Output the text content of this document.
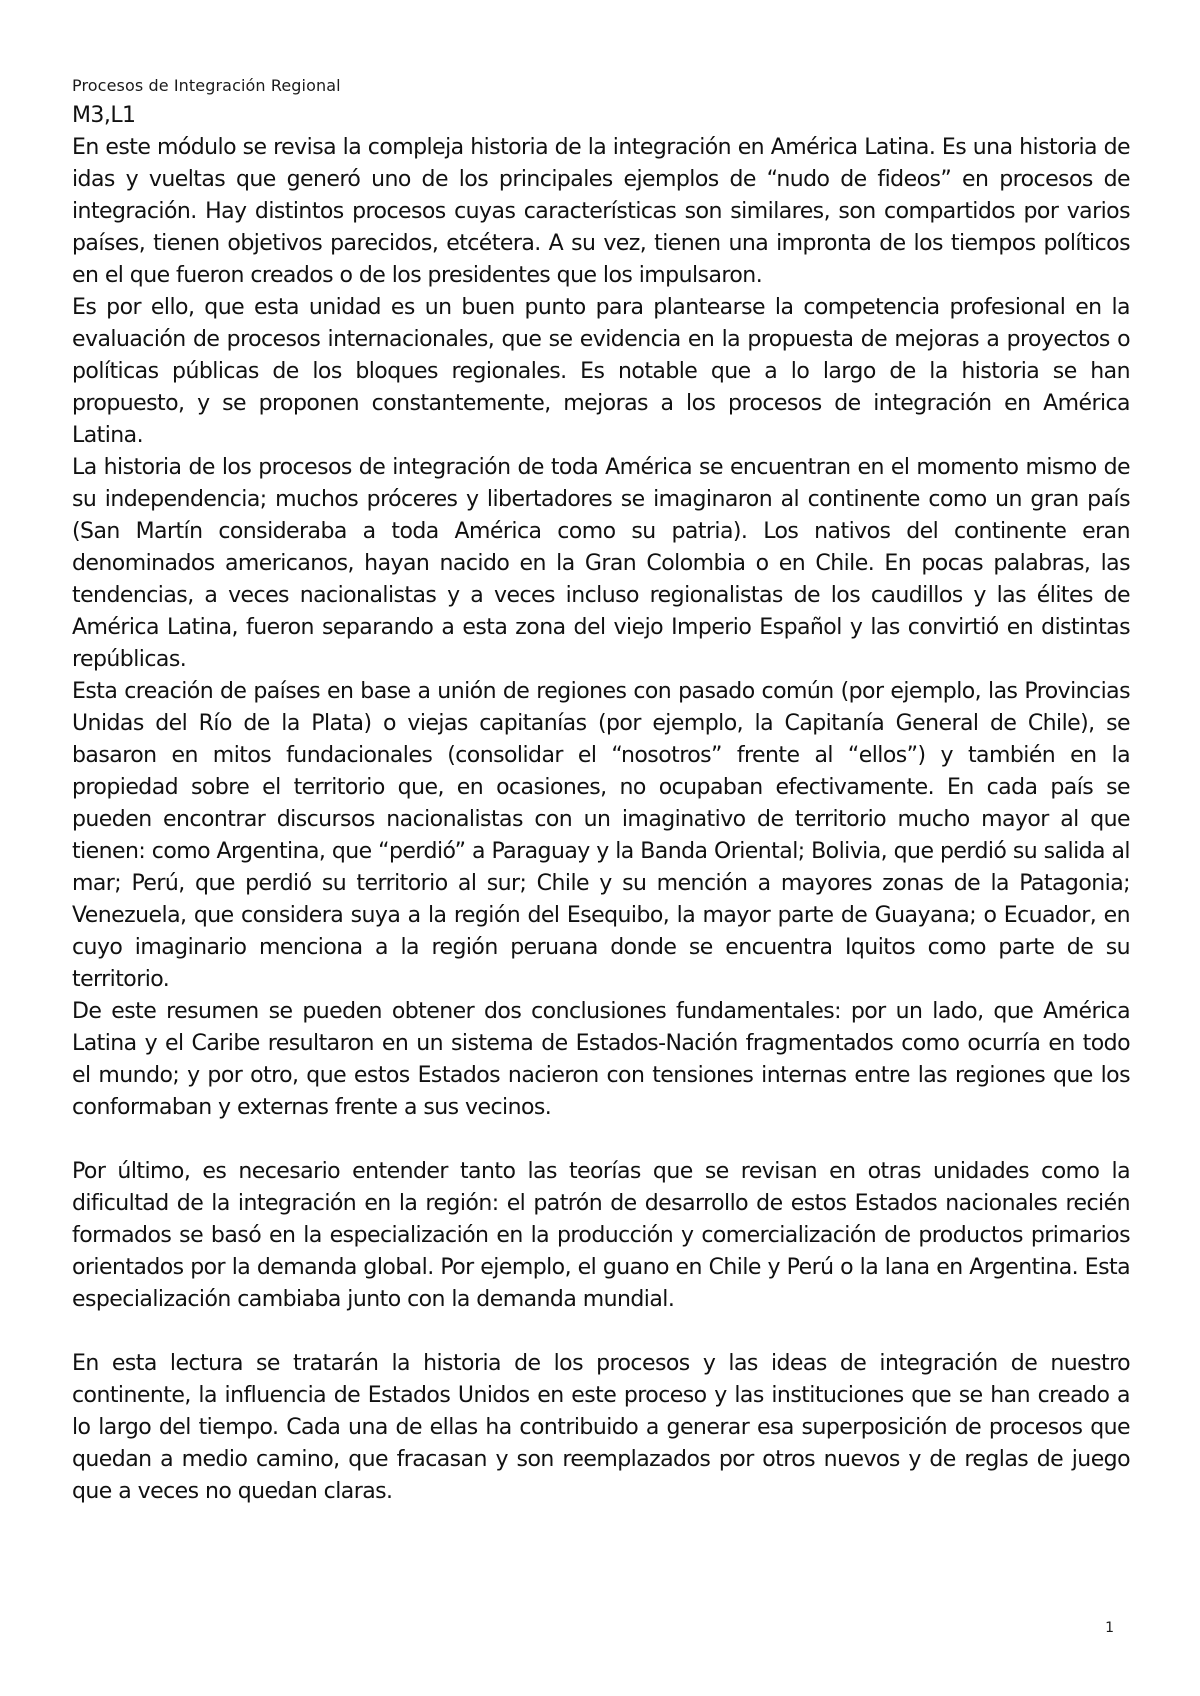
Procesos de Integración Regional

M3,L1

En este módulo se revisa la compleja historia de la integración en América Latina. Es una historia de idas y vueltas que generó uno de los principales ejemplos de “nudo de fideos” en procesos de integración. Hay distintos procesos cuyas características son similares, son compartidos por varios países, tienen objetivos parecidos, etcétera. A su vez, tienen una impronta de los tiempos políticos en el que fueron creados o de los presidentes que los impulsaron.

Es por ello, que esta unidad es un buen punto para plantearse la competencia profesional en la evaluación de procesos internacionales, que se evidencia en la propuesta de mejoras a proyectos o políticas públicas de los bloques regionales. Es notable que a lo largo de la historia se han propuesto, y se proponen constantemente, mejoras a los procesos de integración en América Latina.

La historia de los procesos de integración de toda América se encuentran en el momento mismo de su independencia; muchos próceres y libertadores se imaginaron al continente como un gran país (San Martín consideraba a toda América como su patria). Los nativos del continente eran denominados americanos, hayan nacido en la Gran Colombia o en Chile. En pocas palabras, las tendencias, a veces nacionalistas y a veces incluso regionalistas de los caudillos y las élites de América Latina, fueron separando a esta zona del viejo Imperio Español y las convirtió en distintas repúblicas.

Esta creación de países en base a unión de regiones con pasado común (por ejemplo, las Provincias Unidas del Río de la Plata) o viejas capitanías (por ejemplo, la Capitanía General de Chile), se basaron en mitos fundacionales (consolidar el “nosotros” frente al “ellos”) y también en la propiedad sobre el territorio que, en ocasiones, no ocupaban efectivamente. En cada país se pueden encontrar discursos nacionalistas con un imaginativo de territorio mucho mayor al que tienen: como Argentina, que “perdió” a Paraguay y la Banda Oriental; Bolivia, que perdió su salida al mar; Perú, que perdió su territorio al sur; Chile y su mención a mayores zonas de la Patagonia; Venezuela, que considera suya a la región del Esequibo, la mayor parte de Guayana; o Ecuador, en cuyo imaginario menciona a la región peruana donde se encuentra Iquitos como parte de su territorio.

De este resumen se pueden obtener dos conclusiones fundamentales: por un lado, que América Latina y el Caribe resultaron en un sistema de Estados-Nación fragmentados como ocurría en todo el mundo; y por otro, que estos Estados nacieron con tensiones internas entre las regiones que los conformaban y externas frente a sus vecinos.

Por último, es necesario entender tanto las teorías que se revisan en otras unidades como la dificultad de la integración en la región: el patrón de desarrollo de estos Estados nacionales recién formados se basó en la especialización en la producción y comercialización de productos primarios orientados por la demanda global. Por ejemplo, el guano en Chile y Perú o la lana en Argentina. Esta especialización cambiaba junto con la demanda mundial.

En esta lectura se tratarán la historia de los procesos y las ideas de integración de nuestro continente, la influencia de Estados Unidos en este proceso y las instituciones que se han creado a lo largo del tiempo. Cada una de ellas ha contribuido a generar esa superposición de procesos que quedan a medio camino, que fracasan y son reemplazados por otros nuevos y de reglas de juego que a veces no quedan claras.

1
